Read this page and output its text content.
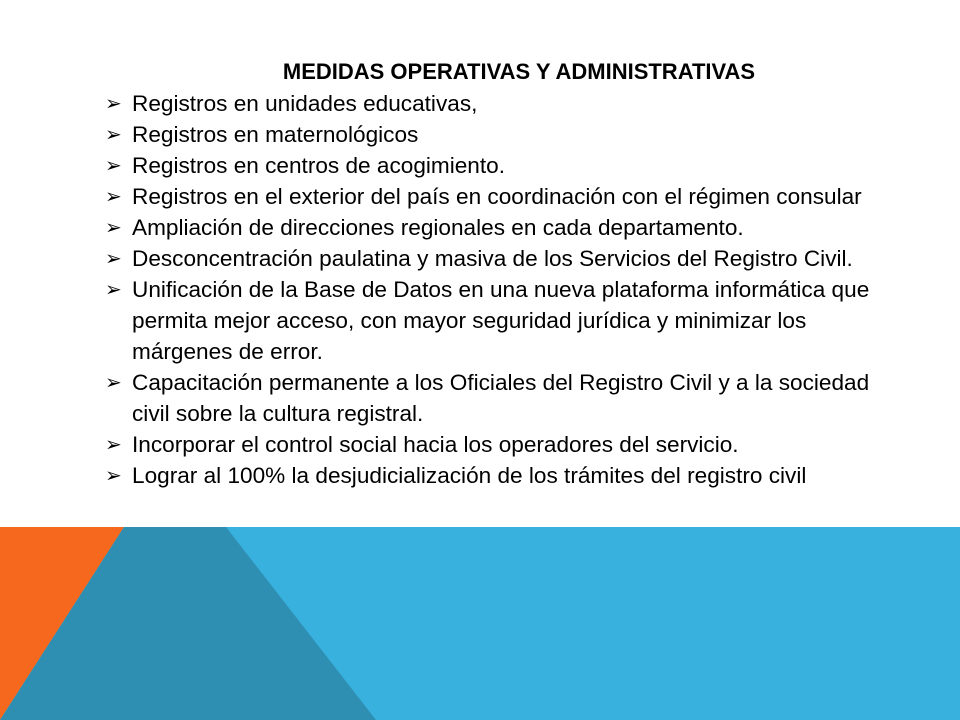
MEDIDAS OPERATIVAS Y ADMINISTRATIVAS
➢ Registros en unidades educativas,
➢ Registros en maternológicos
➢ Registros en centros de acogimiento.
➢ Registros en el exterior del país en coordinación con el régimen consular
➢ Ampliación de direcciones regionales en cada departamento.
➢ Desconcentración paulatina y masiva de los Servicios del Registro Civil.
➢ Unificación de la Base de Datos en una nueva plataforma informática que permita mejor acceso, con mayor seguridad jurídica y minimizar los márgenes de error.
➢ Capacitación permanente a los Oficiales del Registro Civil y a la sociedad civil sobre la cultura registral.
➢ Incorporar el control social hacia los operadores del servicio.
➢ Lograr al 100% la desjudicialización de los trámites del registro civil
